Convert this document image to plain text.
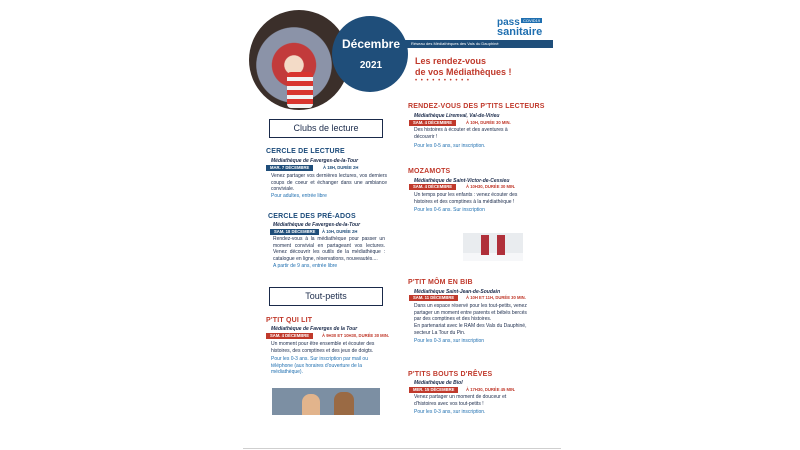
Décembre
2021
Réseau des Médiathèques des Vals du Dauphiné
pass COVID19
sanitaire
Les rendez-vous
de vos Médiathèques !
• • • • • • • • • •
Clubs de lecture
CERCLE DE LECTURE
Médiathèque de Faverges-de-la-Tour
MAR. 7 DÉCEMBRE	À 18H, DURÉE 2H
Venez partager vos dernières lectures, vos derniers coups de coeur et échanger dans une ambiance conviviale.
Pour adultes, entrée libre
CERCLE DES PRÉ-ADOS
Médiathèque de Faverges-de-la-Tour
SAM. 18 DÉCEMBRE	À 10H, DURÉE 2H
Rendez-vous à la médiathèque pour passer un moment convivial en partageant vos lectures. Venez découvrir les outils de la médiathèque : catalogue en ligne, réservations, nouveautés....
A partir de 9 ans, entrée libre
Tout-petits
P'TIT QUI LIT
Médiathèque de Faverges de la Tour
SAM. 4 DÉCEMBRE	À 9H30 ET 10H30, DURÉE 30 MIN.
Un moment pour être ensemble et écouter des histoires, des comptines et des jeux de doigts.
Pour les 0-3 ans. Sur inscription par mail ou téléphone (aux horaires d'ouverture de la médiathèque).
RENDEZ-VOUS DES P'TITS LECTEURS
Médiathèque Liremval, Val-de-Virieu
SAM. 4 DÉCEMBRE	À 10H, DURÉE 30 MIN.
Des histoires à écouter et des aventures à découvrir !
Pour les 0-5 ans, sur inscription.
MOZAMOTS
Médiathèque de Saint-Victor-de-Cessieu
SAM. 4 DÉCEMBRE	À 10H30, DURÉE 30 MIN.
Un temps pour les enfants : venez écouter des histoires et des comptines à la médiathèque !
Pour les 0-6 ans. Sur inscription
P'TIT MÔM EN BIB
Médiathèque Saint-Jean-de-Soudain
SAM. 11 DÉCEMBRE	À 10H ET 11H, DURÉE 30 MIN.
Dans un espace réservé pour les tout-petits, venez partager un moment entre parents et bébés bercés par des comptines et des histoires.
En partenariat avec le RAM des Vals du Dauphiné, secteur La Tour du Pin.
Pour les 0-3 ans, sur inscription
P'TITS BOUTS D'RÊVES
Médiathèque de Biol
MER. 15 DÉCEMBRE	À 17H30, DURÉE 45 MIN.
Venez partager un moment de douceur et d'histoires avec vos tout-petits !
Pour les 0-3 ans, sur inscription.
